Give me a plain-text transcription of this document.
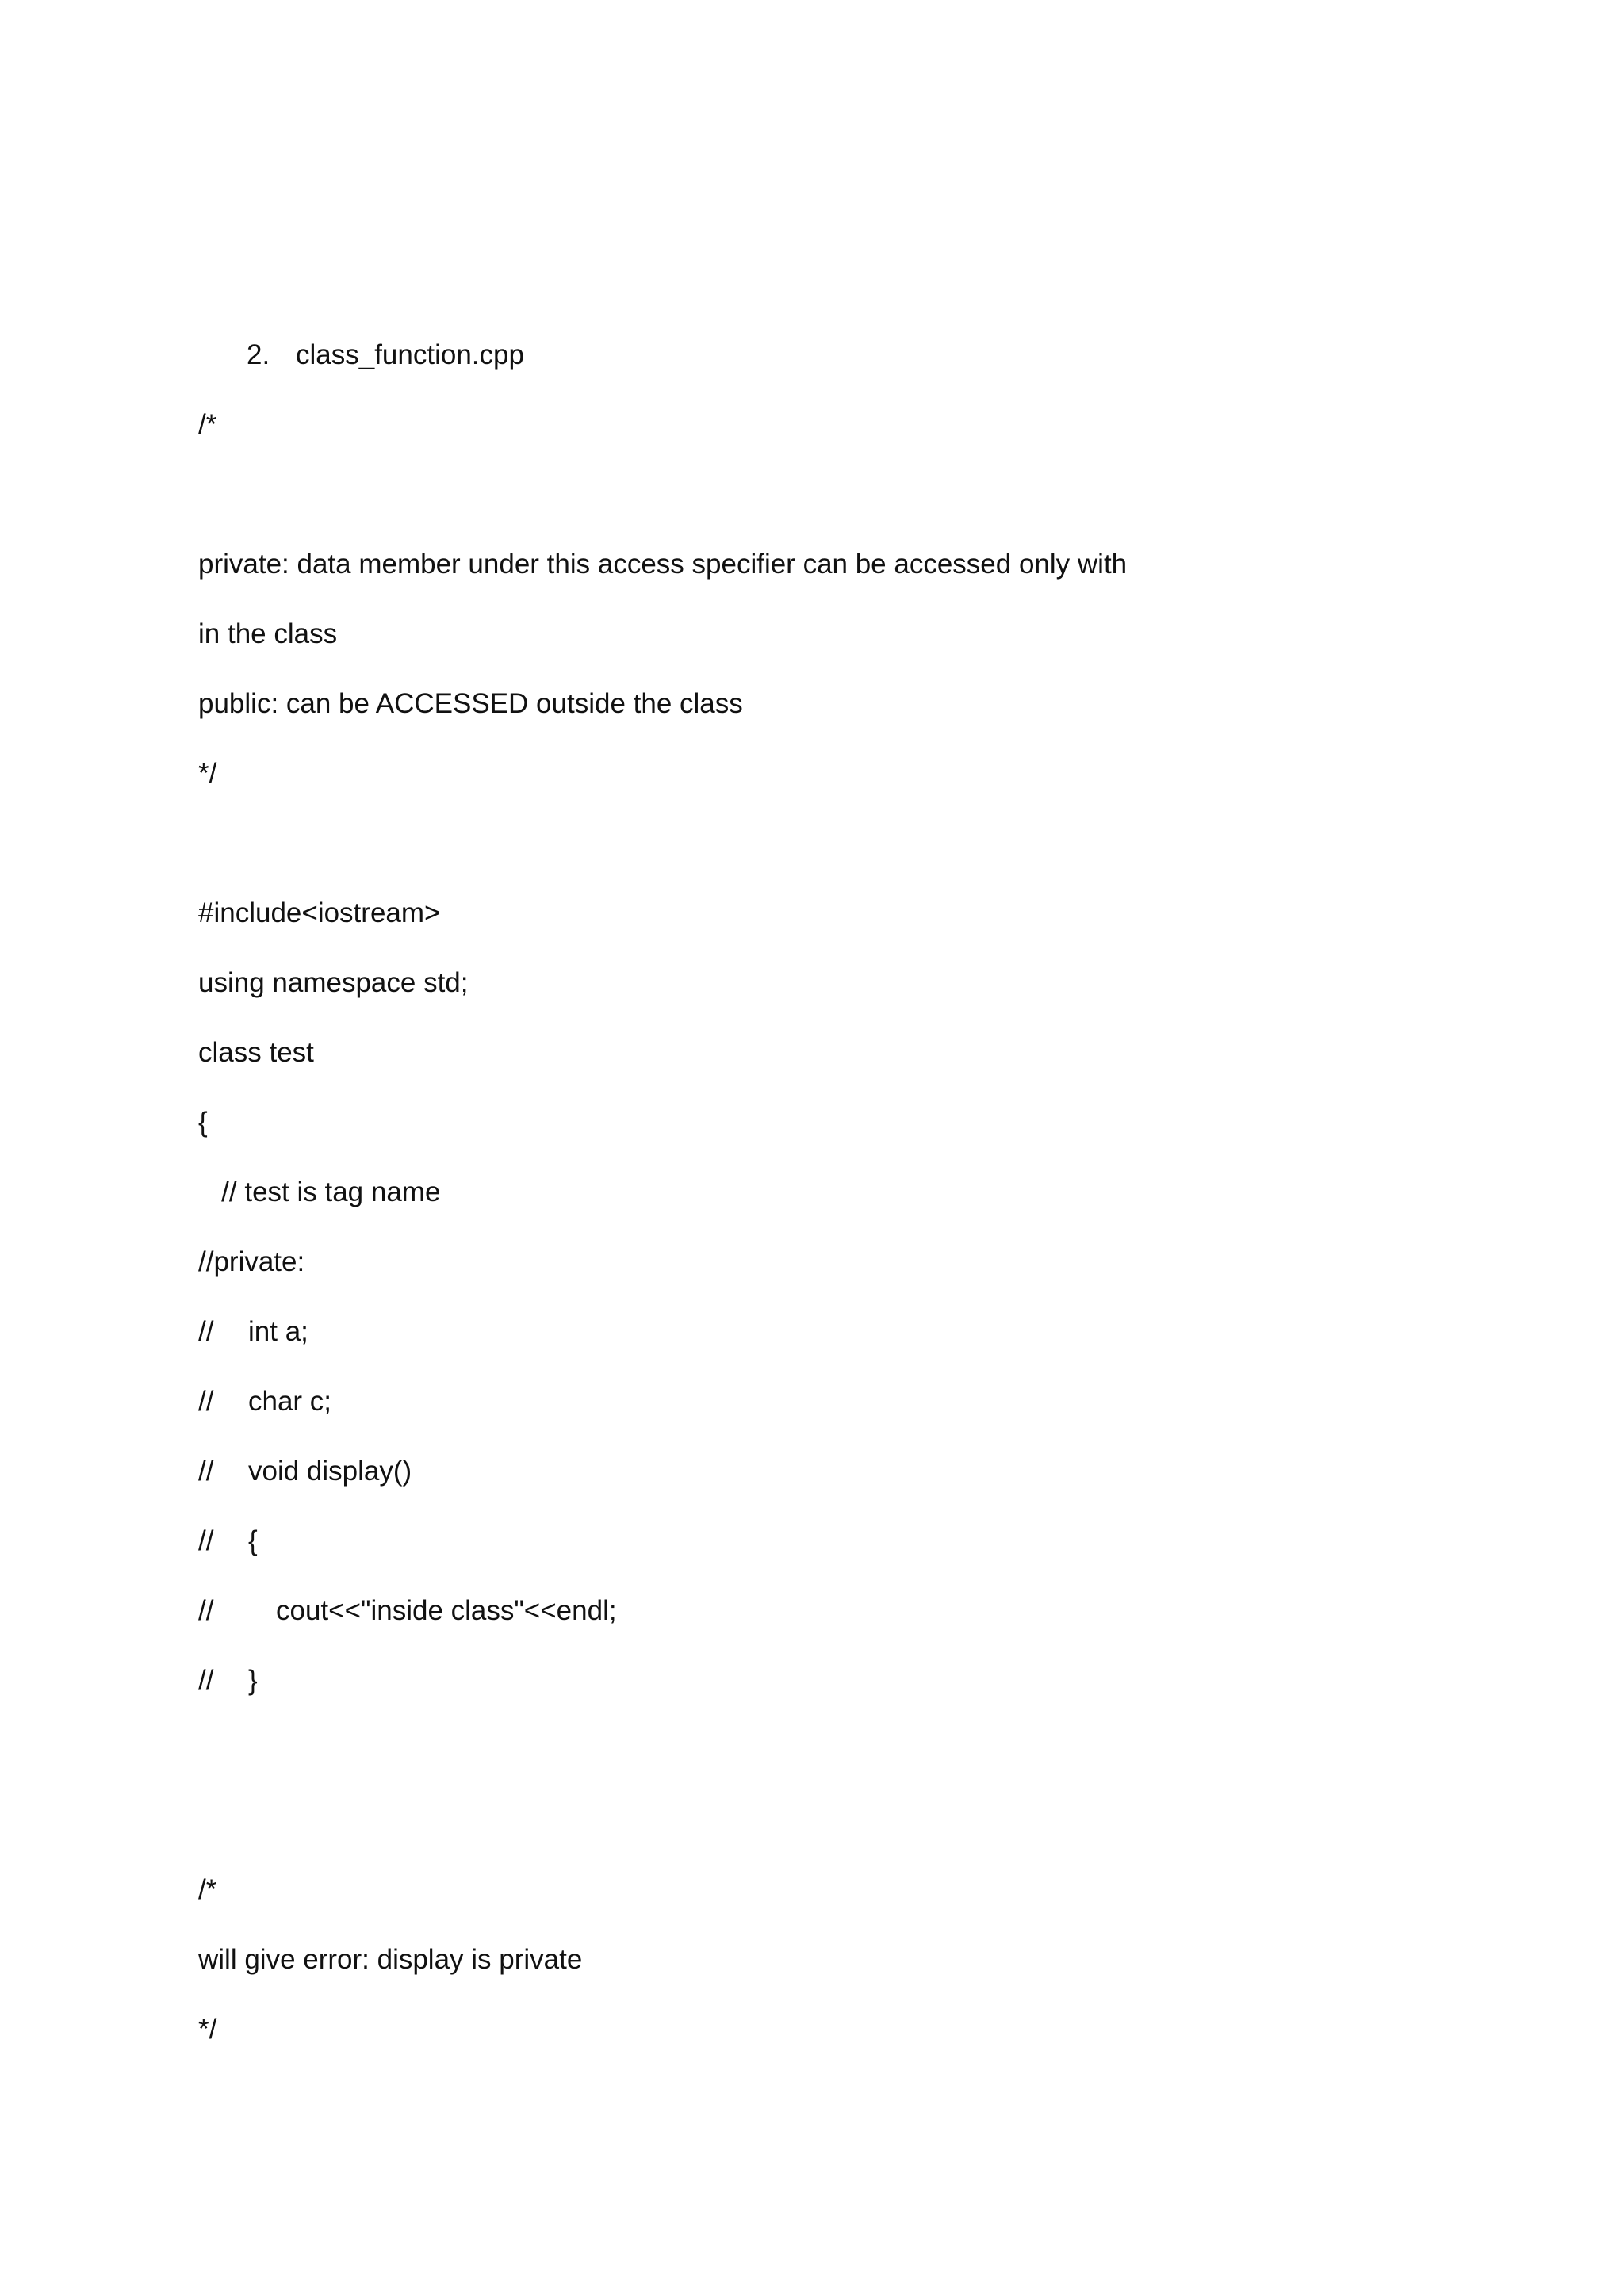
2. class_function.cpp
/*
private: data member under this access specifier can be accessed only with
in the class
public: can be ACCESSED outside the class
*/
#include<iostream>
using namespace std;
class test
{
// test is tag name
//private:
// int a;
// char c;
// void display()
// {
// cout<<"inside class"<<endl;
// }
/*
will give error: display is private
*/
